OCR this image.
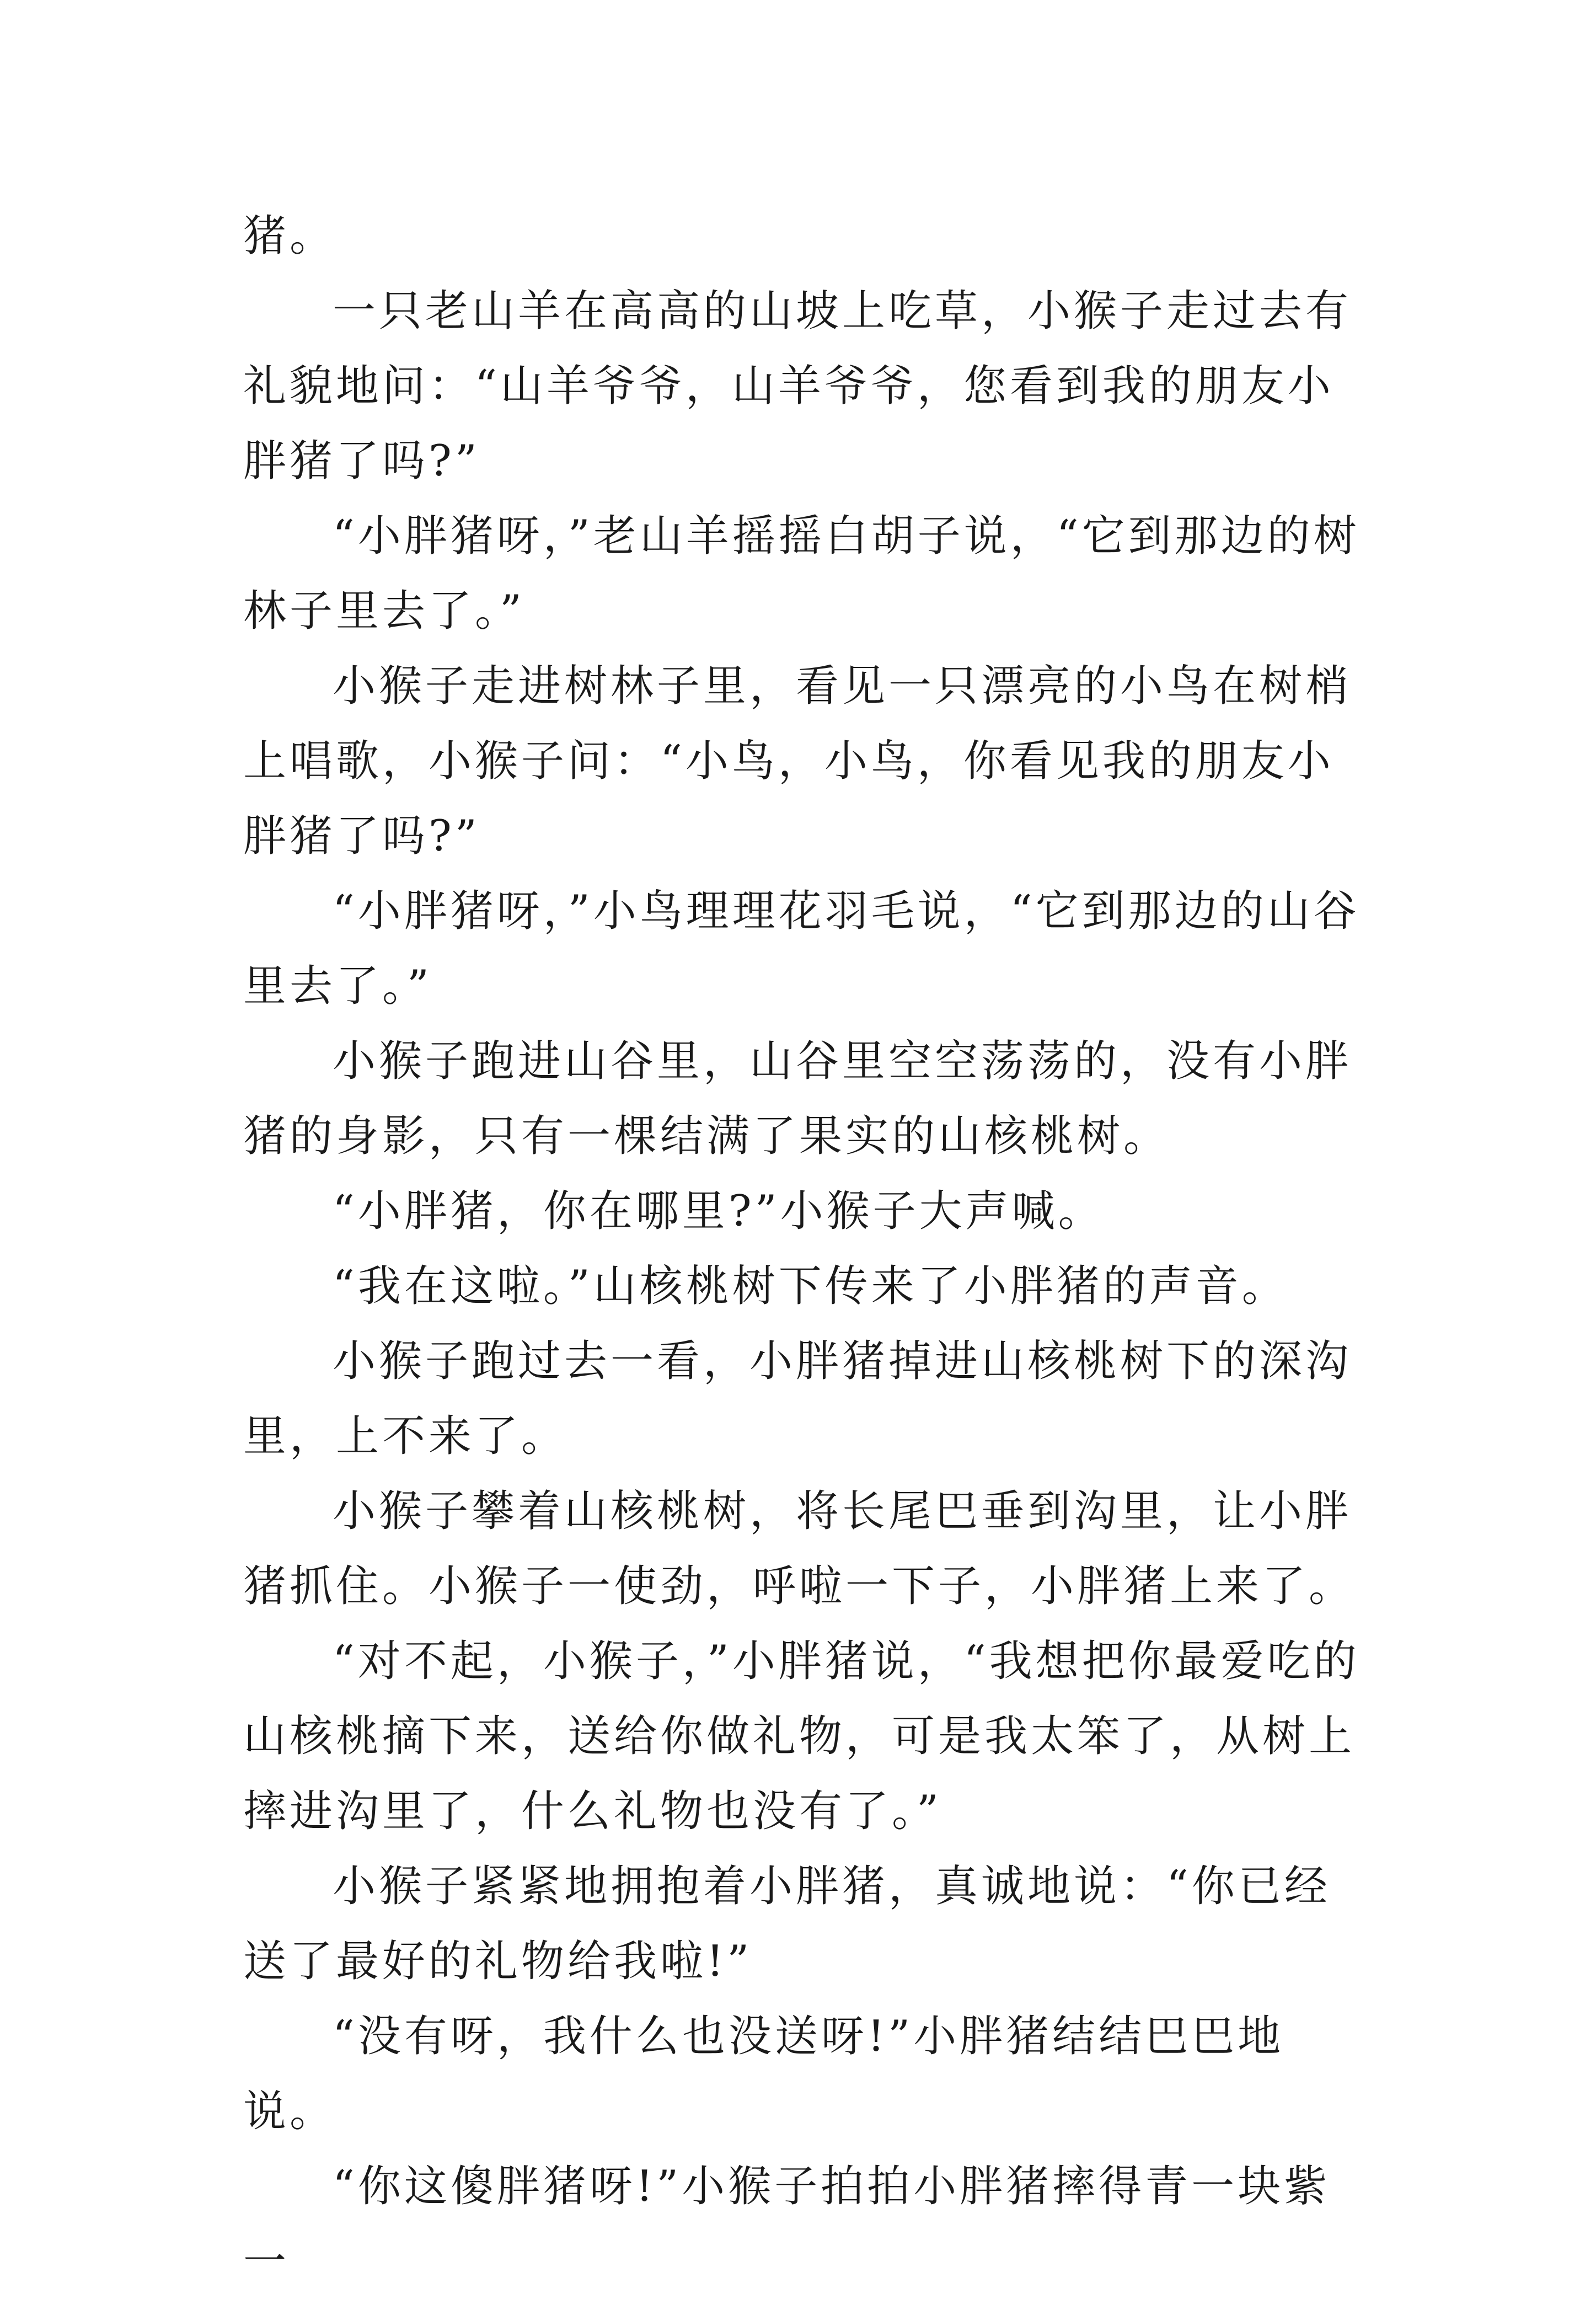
猪。

一只老山羊在高高的山坡上吃草，小猴子走过去有礼貌地问：“山羊爷爷，山羊爷爷，您看到我的朋友小胖猪了吗?”

“小胖猪呀，”老山羊摇摇白胡子说，“它到那边的树林子里去了。”

小猴子走进树林子里，看见一只漂亮的小鸟在树梢上唱歌，小猴子问：“小鸟，小鸟，你看见我的朋友小胖猪了吗?”

“小胖猪呀，”小鸟理理花羽毛说，“它到那边的山谷里去了。”

小猴子跑进山谷里，山谷里空空荡荡的，没有小胖猪的身影，只有一棵结满了果实的山核桃树。

“小胖猪，你在哪里?”小猴子大声喊。

“我在这啦。”山核桃树下传来了小胖猪的声音。

小猴子跑过去一看，小胖猪掉进山核桃树下的深沟里，上不来了。

小猴子攀着山核桃树，将长尾巴垂到沟里，让小胖猪抓住。小猴子一使劲，呼啦一下子，小胖猪上来了。

“对不起，小猴子，”小胖猪说，“我想把你最爱吃的山核桃摘下来，送给你做礼物，可是我太笨了，从树上摔进沟里了，什么礼物也没有了。”

小猴子紧紧地拥抱着小胖猪，真诚地说：“你已经送了最好的礼物给我啦!”

“没有呀，我什么也没送呀!”小胖猪结结巴巴地说。

“你这傻胖猪呀!”小猴子拍拍小胖猪摔得青一块紫一
